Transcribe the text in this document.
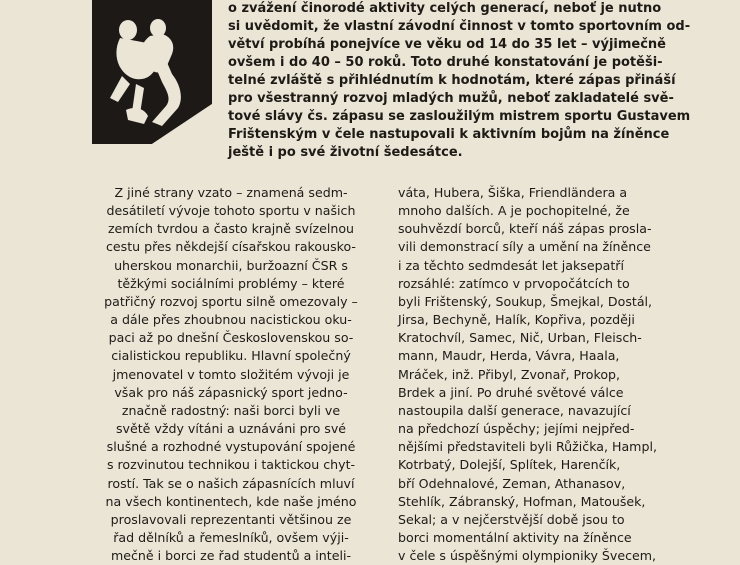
o zvážení činorodé aktivity celých generací, neboť je nutno
si uvědomit, že vlastní závodní činnost v tomto sportovním od-
větví probíhá ponejvíce ve věku od 14 do 35 let – výjimečně
ovšem i do 40 – 50 roků. Toto druhé konstatování je potěši-
telné zvláště s přihlédnutím k hodnotám, které zápas přináší
pro všestranný rozvoj mladých mužů, neboť zakladatelé svě-
tové slávy čs. zápasu se zasloužilým mistrem sportu Gustavem
Frištenským v čele nastupovali k aktivním bojům na žíněnce
ještě i po své životní šedesátce.
Z jiné strany vzato – znamená sedm-
desátiletí vývoje tohoto sportu v našich
zemích tvrdou a často krajně svízelnou
cestu přes někdejší císařskou rakousko-
uherskou monarchii, buržoazní ČSR s
těžkými sociálními problémy – které
patřičný rozvoj sportu silně omezovaly –
a dále přes zhoubnou nacistickou oku-
paci až po dnešní Československou so-
cialistickou republiku. Hlavní společný
jmenovatel v tomto složitém vývoji je
však pro náš zápasnický sport jedno-
značně radostný: naši borci byli ve
světě vždy vítáni a uznáváni pro své
slušné a rozhodné vystupování spojené
s rozvinutou technikou i taktickou chyt-
rostí. Tak se o našich zápasnících mluví
na všech kontinentech, kde naše jméno
proslavovali reprezentanti většinou ze
řad dělníků a řemeslníků, ovšem výji-
mečně i borci ze řad studentů a inteli-
váta, Hubera, Šiška, Friendländera a
mnoho dalších. A je pochopitelné, že
souhvězdí borců, kteří náš zápas prosla-
vili demonstrací síly a umění na žíněnce
i za těchto sedmdesát let jaksepatří
rozsáhlé: zatímco v prvopočátcích to
byli Frištenský, Soukup, Šmejkal, Dostál,
Jirsa, Bechyně, Halík, Kopřiva, později
Kratochvíl, Samec, Nič, Urban, Fleisch-
mann, Maudr, Herda, Vávra, Haala,
Mráček, inž. Přibyl, Zvonař, Prokop,
Brdek a jiní. Po druhé světové válce
nastoupila další generace, navazující
na předchozí úspěchy; jejími nejpřed-
nějšími představiteli byli Růžička, Hampl,
Kotrbatý, Dolejší, Splítek, Harenčík,
bří Odehnalové, Zeman, Athanasov,
Stehlík, Zábranský, Hofman, Matoušek,
Sekal; a v nejčerstvější době jsou to
borci momentální aktivity na žíněnce
v čele s úspěšnými olympioniky Švecem,
